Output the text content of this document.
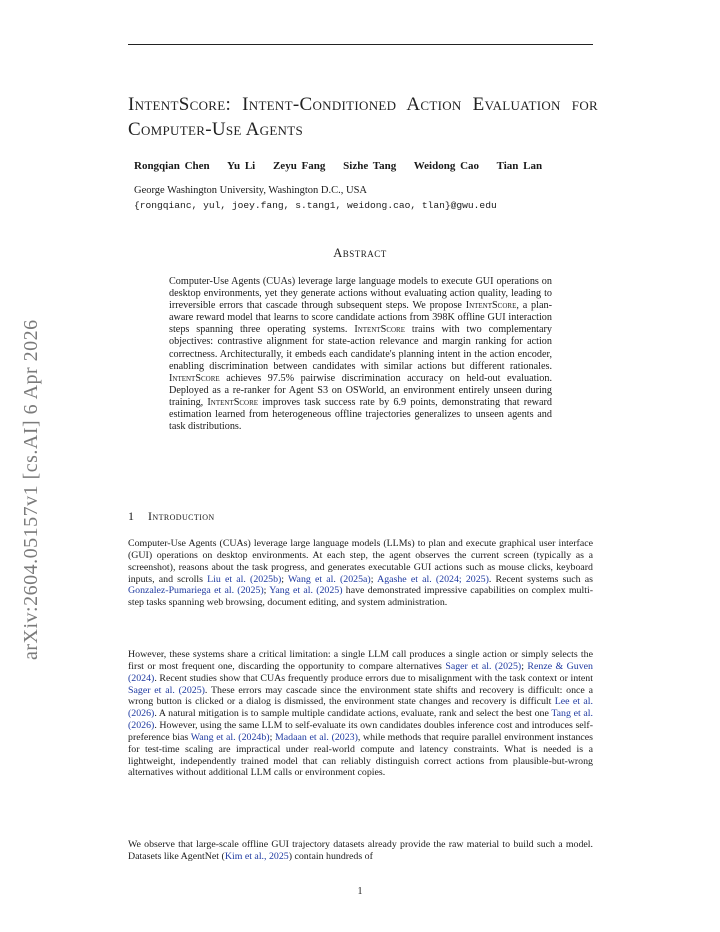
arXiv:2604.05157v1 [cs.AI] 6 Apr 2026
IntentScore: Intent-Conditioned Action Evaluation for Computer-Use Agents
Rongqian Chen Yu Li Zeyu Fang Sizhe Tang Weidong Cao Tian Lan
George Washington University, Washington D.C., USA
{rongqianc, yul, joey.fang, s.tang1, weidong.cao, tlan}@gwu.edu
Abstract
Computer-Use Agents (CUAs) leverage large language models to execute GUI operations on desktop environments, yet they generate actions without evaluating action quality, leading to irreversible errors that cascade through subsequent steps. We propose IntentScore, a plan-aware reward model that learns to score candidate actions from 398K offline GUI interaction steps spanning three operating systems. IntentScore trains with two complementary objectives: contrastive alignment for state-action relevance and margin ranking for action correctness. Architecturally, it embeds each candidate's planning intent in the action encoder, enabling discrimination between candidates with similar actions but different rationales. IntentScore achieves 97.5% pairwise discrimination accuracy on held-out evaluation. Deployed as a re-ranker for Agent S3 on OSWorld, an environment entirely unseen during training, IntentScore improves task success rate by 6.9 points, demonstrating that reward estimation learned from heterogeneous offline trajectories generalizes to unseen agents and task distributions.
1 Introduction
Computer-Use Agents (CUAs) leverage large language models (LLMs) to plan and execute graphical user interface (GUI) operations on desktop environments. At each step, the agent observes the current screen (typically as a screenshot), reasons about the task progress, and generates executable GUI actions such as mouse clicks, keyboard inputs, and scrolls Liu et al. (2025b); Wang et al. (2025a); Agashe et al. (2024; 2025). Recent systems such as Gonzalez-Pumariega et al. (2025); Yang et al. (2025) have demonstrated impressive capabilities on complex multi-step tasks spanning web browsing, document editing, and system administration.
However, these systems share a critical limitation: a single LLM call produces a single action or simply selects the first or most frequent one, discarding the opportunity to compare alternatives Sager et al. (2025); Renze & Guven (2024). Recent studies show that CUAs frequently produce errors due to misalignment with the task context or intent Sager et al. (2025). These errors may cascade since the environment state shifts and recovery is difficult: once a wrong button is clicked or a dialog is dismissed, the environment state changes and recovery is difficult Lee et al. (2026). A natural mitigation is to sample multiple candidate actions, evaluate, rank and select the best one Tang et al. (2026). However, using the same LLM to self-evaluate its own candidates doubles inference cost and introduces self-preference bias Wang et al. (2024b); Madaan et al. (2023), while methods that require parallel environment instances for test-time scaling are impractical under real-world compute and latency constraints. What is needed is a lightweight, independently trained model that can reliably distinguish correct actions from plausible-but-wrong alternatives without additional LLM calls or environment copies.
We observe that large-scale offline GUI trajectory datasets already provide the raw material to build such a model. Datasets like AgentNet (Kim et al., 2025) contain hundreds of
1
